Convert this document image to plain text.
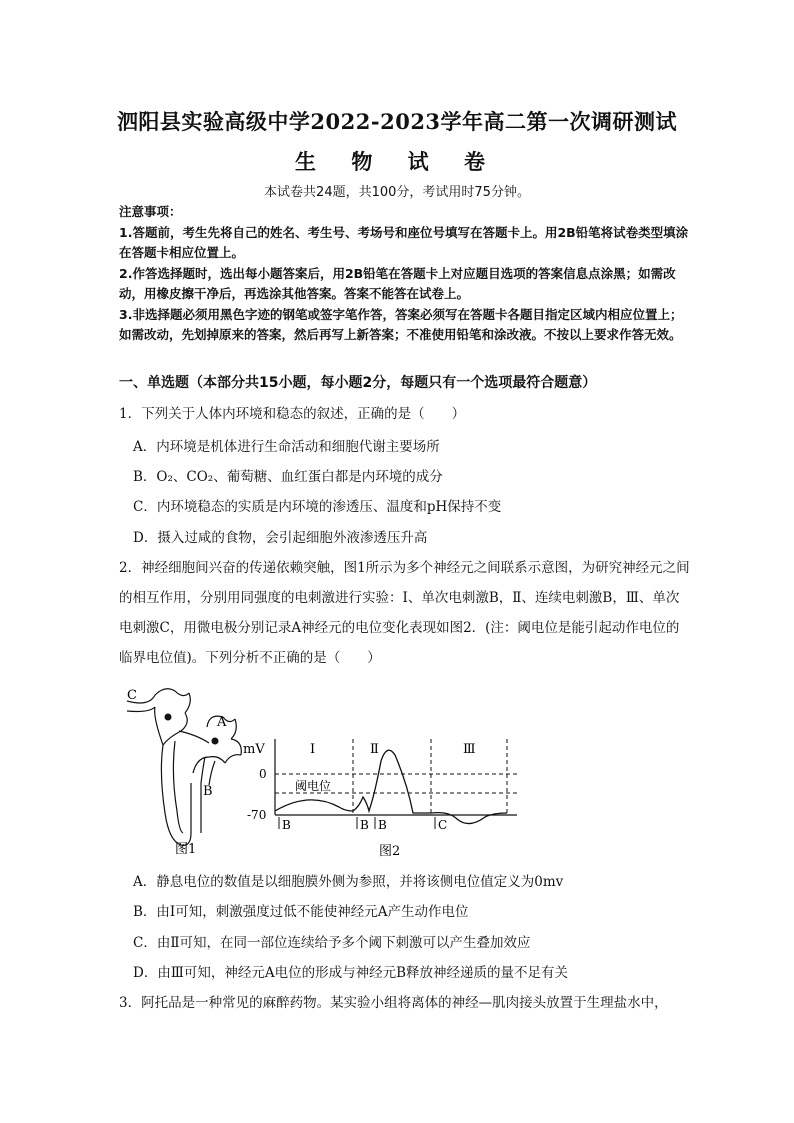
泗阳县实验高级中学2022-2023学年高二第一次调研测试
生 物 试 卷
本试卷共24题，共100分，考试用时75分钟。

注意事项：

1.答题前，考生先将自己的姓名、考生号、考场号和座位号填写在答题卡上。用2B铅笔将试卷类型填涂在答题卡相应位置上。

2.作答选择题时，选出每小题答案后，用2B铅笔在答题卡上对应题目选项的答案信息点涂黑；如需改动，用橡皮擦干净后，再选涂其他答案。答案不能答在试卷上。

3.非选择题必须用黑色字迹的钢笔或签字笔作答，答案必须写在答题卡各题目指定区域内相应位置上；如需改动，先划掉原来的答案，然后再写上新答案；不准使用铅笔和涂改液。不按以上要求作答无效。

一、单选题（本部分共15小题，每小题2分，每题只有一个选项最符合题意）
1．下列关于人体内环境和稳态的叙述，正确的是（　　）
A．内环境是机体进行生命活动和细胞代谢主要场所
B．O₂、CO₂、葡萄糖、血红蛋白都是内环境的成分
C．内环境稳态的实质是内环境的渗透压、温度和pH保持不变
D．摄入过咸的食物，会引起细胞外液渗透压升高
2．神经细胞间兴奋的传递依赖突触，图1所示为多个神经元之间联系示意图，为研究神经元之间的相互作用，分别用同强度的电刺激进行实验：Ⅰ、单次电刺激B，Ⅱ、连续电刺激B，Ⅲ、单次电刺激C，用微电极分别记录A神经元的电位变化表现如图2．(注：阈电位是能引起动作电位的临界电位值)。下列分析不正确的是（　　）
C
A
B
图1
mV
0
-70
阈电位
Ⅰ	Ⅱ	Ⅲ
B	B B	C
图2
A．静息电位的数值是以细胞膜外侧为参照，并将该侧电位值定义为0mv
B．由Ⅰ可知，刺激强度过低不能使神经元A产生动作电位
C．由Ⅱ可知，在同一部位连续给予多个阈下刺激可以产生叠加效应
D．由Ⅲ可知，神经元A电位的形成与神经元B释放神经递质的量不足有关
3．阿托品是一种常见的麻醉药物。某实验小组将离体的神经—肌肉接头放置于生理盐水中，
